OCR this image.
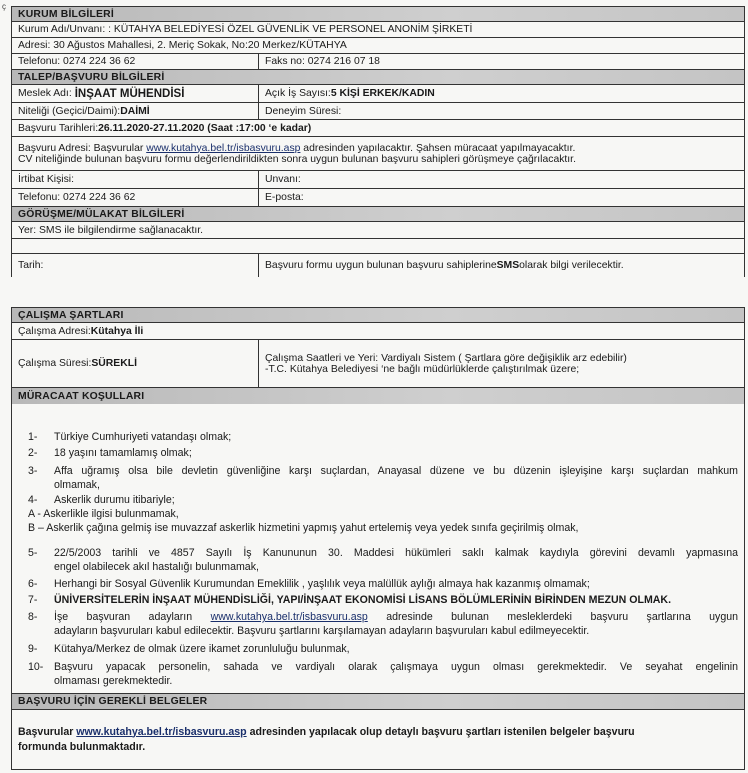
ç
KURUM BİLGİLERİ
Kurum Adı/Unvanı: : KÜTAHYA BELEDİYESİ ÖZEL GÜVENLİK VE PERSONEL ANONİM ŞİRKETİ
Adresi: 30 Ağustos Mahallesi, 2. Meriç Sokak, No:20 Merkez/KÜTAHYA
Telefonu: 0274 224 36 62	Faks no: 0274 216 07 18
TALEP/BAŞVURU BİLGİLERİ
Meslek Adı: İNŞAAT MÜHENDİSİ	Açık İş Sayısı: 5 KİŞİ ERKEK/KADIN
Niteliği (Geçici/Daimi): DAİMİ	Deneyim Süresi:
Başvuru Tarihleri: 26.11.2020-27.11.2020 (Saat :17:00 ‘e kadar)
Başvuru Adresi: Başvurular www.kutahya.bel.tr/isbasvuru.asp adresinden yapılacaktır. Şahsen müracaat yapılmayacaktır.
CV niteliğinde bulunan başvuru formu değerlendirildikten sonra uygun bulunan başvuru sahipleri görüşmeye çağrılacaktır.
İrtibat Kişisi:	Unvanı:
Telefonu: 0274 224 36 62	E-posta:
GÖRÜŞME/MÜLAKAT BİLGİLERİ
Yer: SMS ile bilgilendirme sağlanacaktır.
Tarih:	Başvuru formu uygun bulunan başvuru sahiplerine SMS olarak bilgi verilecektir.
ÇALIŞMA ŞARTLARI
Çalışma Adresi: Kütahya İli
Çalışma Süresi: SÜREKLİ	Çalışma Saatleri ve Yeri: Vardiyalı Sistem ( Şartlara göre değişiklik arz edebilir)
-T.C. Kütahya Belediyesi ‘ne bağlı müdürlüklerde çalıştırılmak üzere;
MÜRACAAT KOŞULLARI
1-	Türkiye Cumhuriyeti vatandaşı olmak;
2-	18 yaşını tamamlamış olmak;
3-	Affa uğramış olsa bile devletin güvenliğine karşı suçlardan, Anayasal düzene ve bu düzenin işleyişine karşı suçlardan mahkum
olmamak,
4-	Askerlik durumu itibariyle;
A - Askerlikle ilgisi bulunmamak,
B – Askerlik çağına gelmiş ise muvazzaf askerlik hizmetini yapmış yahut ertelemiş veya yedek sınıfa geçirilmiş olmak,
5-	22/5/2003 tarihli ve 4857 Sayılı İş Kanununun 30. Maddesi hükümleri saklı kalmak kaydıyla görevini devamlı yapmasına
engel olabilecek akıl hastalığı bulunmamak,
6-	Herhangi bir Sosyal Güvenlik Kurumundan Emeklilik , yaşlılık veya malüllük aylığı almaya hak kazanmış olmamak;
7-	ÜNİVERSİTELERİN İNŞAAT MÜHENDİSLİĞİ, YAPI/İNŞAAT EKONOMİSİ LİSANS BÖLÜMLERİNİN BİRİNDEN MEZUN OLMAK.
8-	İşe başvuran adayların www.kutahya.bel.tr/isbasvuru.asp adresinde bulunan mesleklerdeki başvuru şartlarına uygun
adayların başvuruları kabul edilecektir. Başvuru şartlarını karşılamayan adayların başvuruları kabul edilmeyecektir.
9-	Kütahya/Merkez de olmak üzere ikamet zorunluluğu bulunmak,
10-	Başvuru yapacak personelin, sahada ve vardiyalı olarak çalışmaya uygun olması gerekmektedir. Ve seyahat engelinin
olmaması gerekmektedir.
BAŞVURU İÇİN GEREKLİ BELGELER
Başvurular www.kutahya.bel.tr/isbasvuru.asp adresinden yapılacak olup detaylı başvuru şartları istenilen belgeler başvuru
formunda bulunmaktadır.
